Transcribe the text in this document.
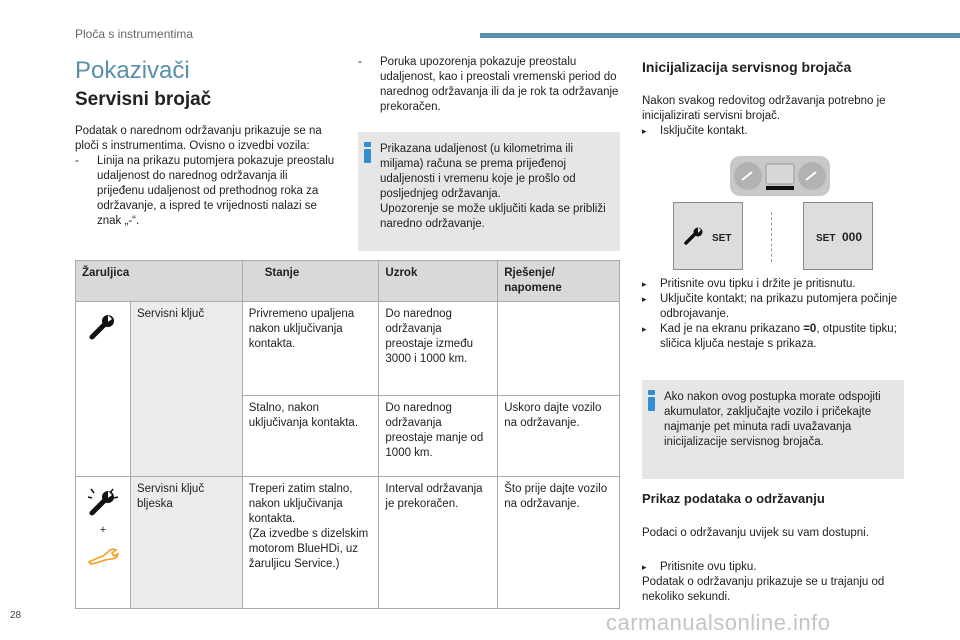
Ploča s instrumentima
Pokazivači
Servisni brojač

Podatak o narednom održavanju prikazuje se na ploči s instrumentima. Ovisno o izvedbi vozila:

- Linija na prikazu putomjera pokazuje preostalu udaljenost do narednog održavanja ili prijeđenu udaljenost od prethodnog roka za održavanje, a ispred te vrijednosti nalazi se znak „-“.
- Poruka upozorenja pokazuje preostalu udaljenost, kao i preostali vremenski period do narednog održavanja ili da je rok ta održavanje prekoračen.
Prikazana udaljenost (u kilometrima ili miljama) računa se prema prijeđenoj udaljenosti i vremenu koje je prošlo od posljednjeg održavanja.
Upozorenje se može uključiti kada se približi naredno održavanje.
Žaruljica		Stanje	Uzrok	Rješenje/ napomene
	Servisni ključ	Privremeno upaljena nakon uključivanja kontakta.	Do narednog održavanja preostaje između 3000 i 1000 km.	
		Stalno, nakon uključivanja kontakta.	Do narednog održavanja preostaje manje od 1000 km.	Uskoro dajte vozilo na održavanje.

+	Servisni ključ bljeska	Treperi zatim stalno, nakon uključivanja kontakta.
(Za izvedbe s dizelskim motorom BlueHDi, uz žaruljicu Service.)	Interval održavanja je prekoračen.	Što prije dajte vozilo na održavanje.
Inicijalizacija servisnog brojača

Nakon svakog redovitog održavanja potrebno je inicijalizirati servisni brojač.

▸ Isključite kontakt.
SET	SET 000
▸ Pritisnite ovu tipku i držite je pritisnutu.
▸ Uključite kontakt; na prikazu putomjera počinje odbrojavanje.
▸ Kad je na ekranu prikazano =0, otpustite tipku; sličica ključa nestaje s prikaza.
Ako nakon ovog postupka morate odspojiti akumulator, zaključajte vozilo i pričekajte najmanje pet minuta radi uvažavanja inicijalizacije servisnog brojača.
Prikaz podataka o održavanju

Podaci o održavanju uvijek su vam dostupni.

▸ Pritisnite ovu tipku.

Podatak o održavanju prikazuje se u trajanju od nekoliko sekundi.

28	carmanualsonline.info
